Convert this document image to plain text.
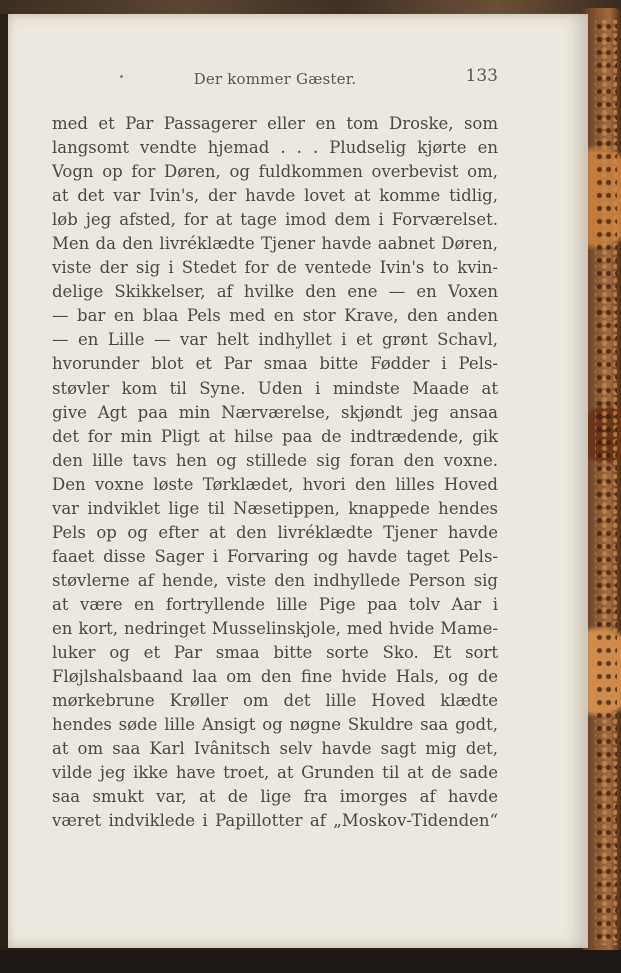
Der kommer Gæster.	133
med et Par Passagerer eller en tom Droske, som
langsomt vendte hjemad . . . Pludselig kjørte en
Vogn op for Døren, og fuldkommen overbevist om,
at det var Ivin's, der havde lovet at komme tidlig,
løb jeg afsted, for at tage imod dem i Forværelset.
Men da den livréklædte Tjener havde aabnet Døren,
viste der sig i Stedet for de ventede Ivin's to kvin-
delige Skikkelser, af hvilke den ene — en Voxen
— bar en blaa Pels med en stor Krave, den anden
— en Lille — var helt indhyllet i et grønt Schavl,
hvorunder blot et Par smaa bitte Fødder i Pels-
støvler kom til Syne. Uden i mindste Maade at
give Agt paa min Nærværelse, skjøndt jeg ansaa
det for min Pligt at hilse paa de indtrædende, gik
den lille tavs hen og stillede sig foran den voxne.
Den voxne løste Tørklædet, hvori den lilles Hoved
var indviklet lige til Næsetippen, knappede hendes
Pels op og efter at den livréklædte Tjener havde
faaet disse Sager i Forvaring og havde taget Pels-
støvlerne af hende, viste den indhyllede Person sig
at være en fortryllende lille Pige paa tolv Aar i
en kort, nedringet Musselinskjole, med hvide Mame-
luker og et Par smaa bitte sorte Sko. Et sort
Fløjlshalsbaand laa om den fine hvide Hals, og de
mørkebrune Krøller om det lille Hoved klædte
hendes søde lille Ansigt og nøgne Skuldre saa godt,
at om saa Karl Ivânitsch selv havde sagt mig det,
vilde jeg ikke have troet, at Grunden til at de sade
saa smukt var, at de lige fra imorges af havde
været indviklede i Papillotter af „Moskov-Tidenden“
